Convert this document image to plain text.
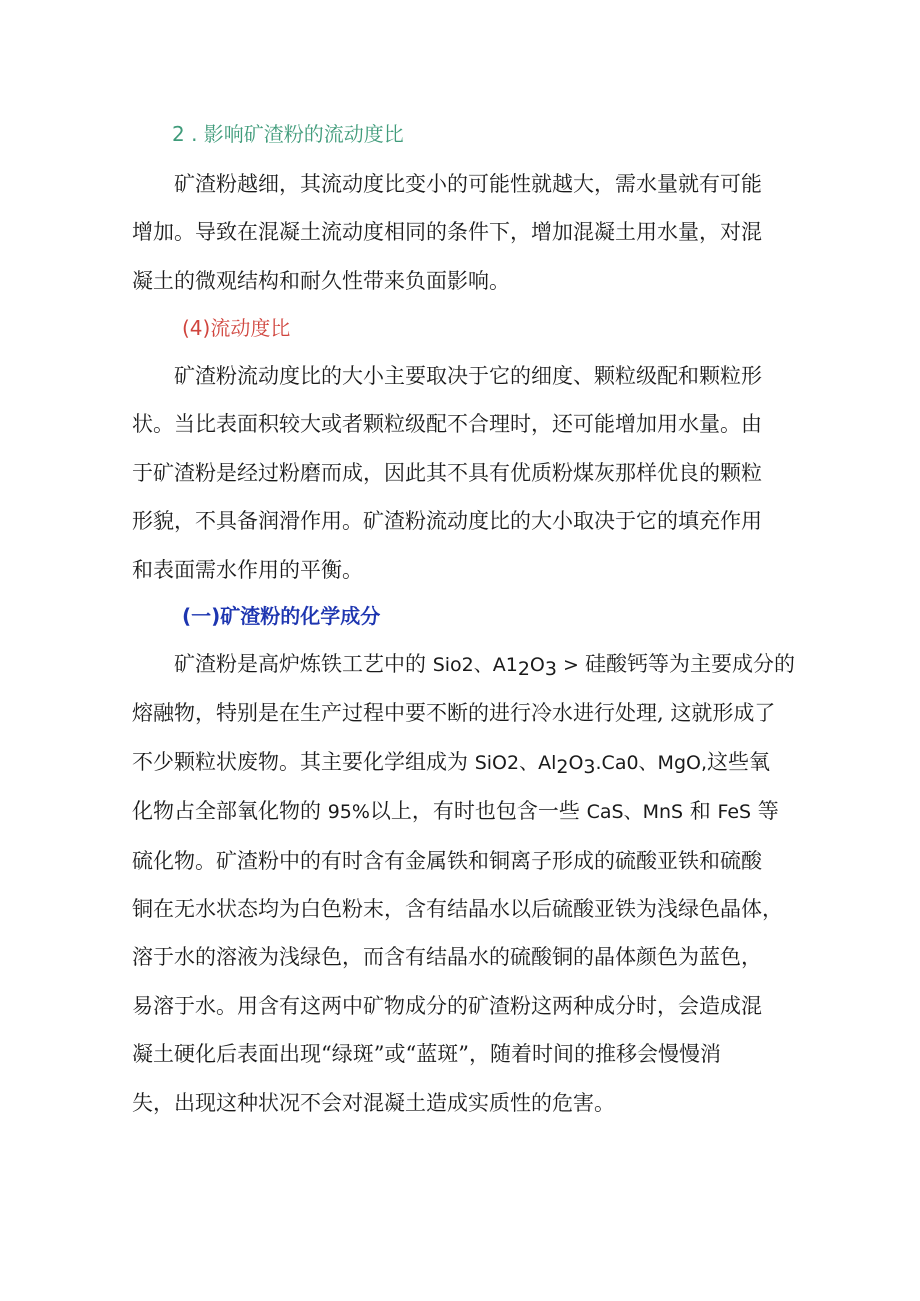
2 . 影响矿渣粉的流动度比

矿渣粉越细，其流动度比变小的可能性就越大，需水量就有可能
增加。导致在混凝土流动度相同的条件下，增加混凝土用水量，对混
凝土的微观结构和耐久性带来负面影响。

(4)流动度比

矿渣粉流动度比的大小主要取决于它的细度、颗粒级配和颗粒形
状。当比表面积较大或者颗粒级配不合理时，还可能增加用水量。由
于矿渣粉是经过粉磨而成，因此其不具有优质粉煤灰那样优良的颗粒
形貌，不具备润滑作用。矿渣粉流动度比的大小取决于它的填充作用
和表面需水作用的平衡。

(一)矿渣粉的化学成分

矿渣粉是高炉炼铁工艺中的 Sio2、$A1_2O_3$ > 硅酸钙等为主要成分的
熔融物，特别是在生产过程中要不断的进行冷水进行处理, 这就形成了
不少颗粒状废物。其主要化学组成为 SiO2、$Al_2O_3.Ca0$、MgO,这些氧
化物占全部氧化物的 95%以上，有时也包含一些 CaS、MnS 和 FeS 等
硫化物。矿渣粉中的有时含有金属铁和铜离子形成的硫酸亚铁和硫酸
铜在无水状态均为白色粉末，含有结晶水以后硫酸亚铁为浅绿色晶体，
溶于水的溶液为浅绿色，而含有结晶水的硫酸铜的晶体颜色为蓝色，
易溶于水。用含有这两中矿物成分的矿渣粉这两种成分时，会造成混
凝土硬化后表面出现“绿斑”或“蓝斑”，随着时间的推移会慢慢消
失，出现这种状况不会对混凝土造成实质性的危害。
